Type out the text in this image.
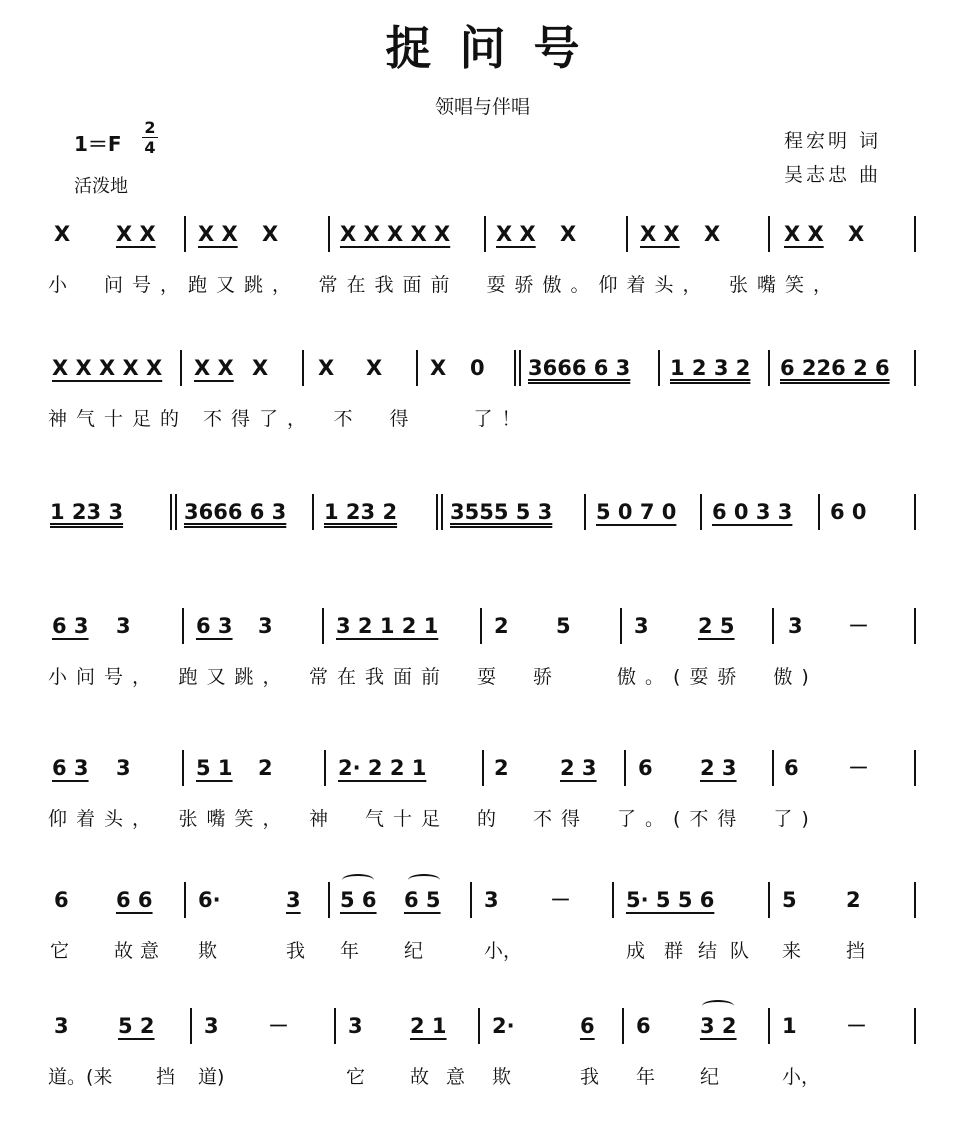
捉问号
领唱与伴唱
1＝F
2
4
活泼地
程宏明 词
吴志忠 曲
X X X X X X	X X X X X X X X	X X X	X X X
小　问号，跑又跳，　常在我面前　耍骄傲。仰着头，　张嘴笑，
X X X X X X X X X X X 0 3666 6 3 1 2 3 2 6 226 2 6
神气十足的 不得了，　不　得　　了！
1 23 3	3666 6 3 1 23 2	3555 5 3 5 0 7 0 6 0 3 3 6 0
6 3 3	6 3 3	3 2 1 2 1	2 5	3 2 5	3 －
小问号，　跑又跳，　常在我面前　耍　骄　　傲。(耍骄　傲)
6 3 3	5 1 2	2· 2 2 1	2 2 3 6 2 3 6 －
仰着头，　张嘴笑，　神　气十足　的　不得　了。(不得　了)
6 6 6 6·	3 5 6 6 5 3 －	5· 5 5 6	5 2
它 故 意 欺	我 年 纪	小，	成 群 结 队 来 挡
3 5 2 3 －	3 2 1 2·	6 6 3 2 1 －
道。(来 挡 道)	它 故 意 欺	我 年 纪	小，
